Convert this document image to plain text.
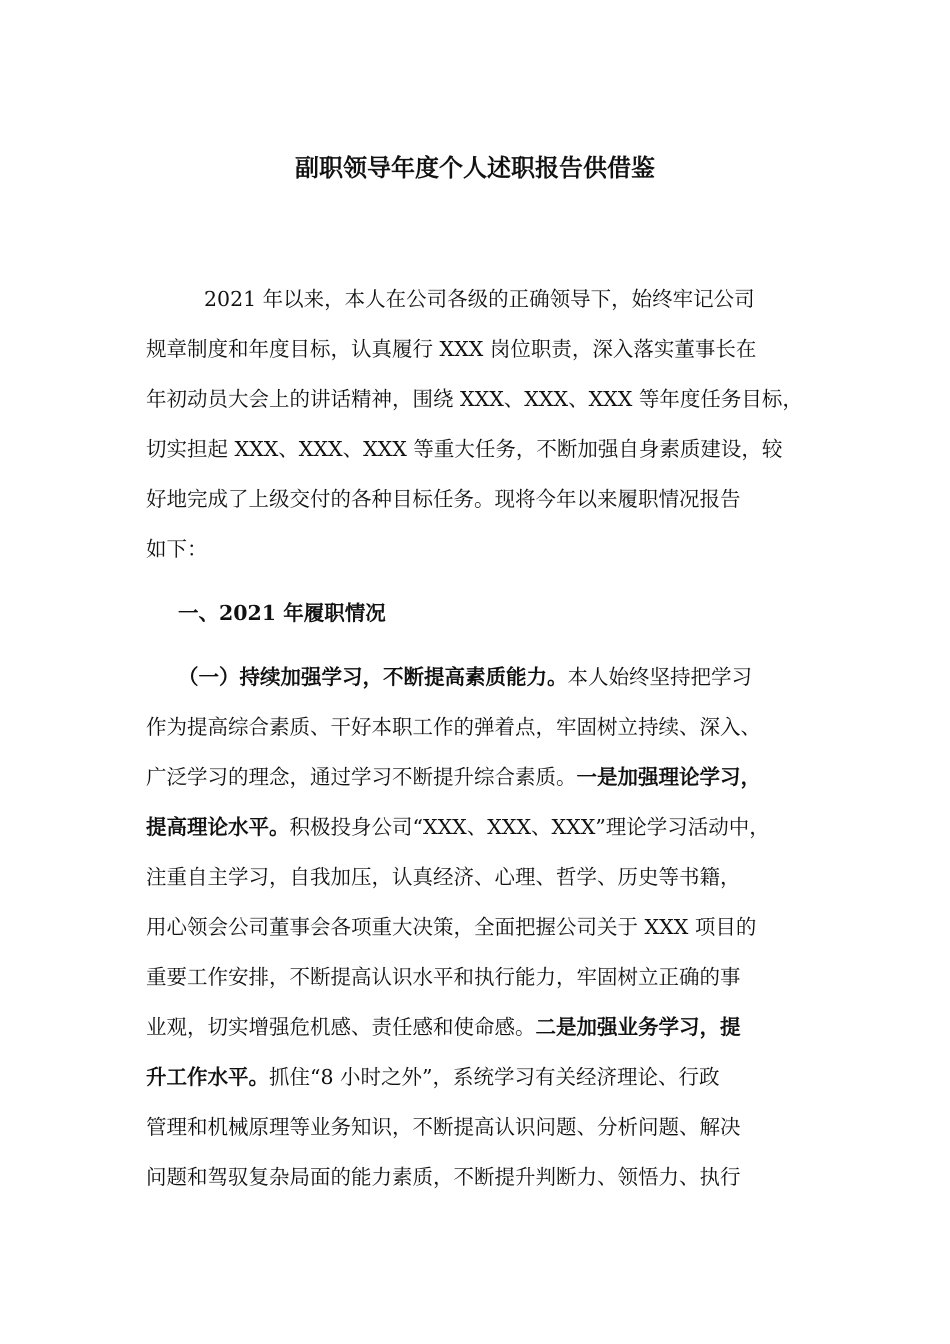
副职领导年度个人述职报告供借鉴
2021 年以来，本人在公司各级的正确领导下，始终牢记公司
规章制度和年度目标，认真履行 XXX 岗位职责，深入落实董事长在
年初动员大会上的讲话精神，围绕 XXX、XXX、XXX 等年度任务目标，
切实担起 XXX、XXX、XXX 等重大任务，不断加强自身素质建设，较
好地完成了上级交付的各种目标任务。现将今年以来履职情况报告
如下：
一、2021 年履职情况
（一）持续加强学习，不断提高素质能力。本人始终坚持把学习
作为提高综合素质、干好本职工作的弹着点，牢固树立持续、深入、
广泛学习的理念，通过学习不断提升综合素质。一是加强理论学习，
提高理论水平。积极投身公司“XXX、XXX、XXX”理论学习活动中，
注重自主学习，自我加压，认真经济、心理、哲学、历史等书籍，
用心领会公司董事会各项重大决策，全面把握公司关于 XXX 项目的
重要工作安排，不断提高认识水平和执行能力，牢固树立正确的事
业观，切实增强危机感、责任感和使命感。二是加强业务学习，提
升工作水平。抓住“8 小时之外”，系统学习有关经济理论、行政
管理和机械原理等业务知识，不断提高认识问题、分析问题、解决
问题和驾驭复杂局面的能力素质，不断提升判断力、领悟力、执行
